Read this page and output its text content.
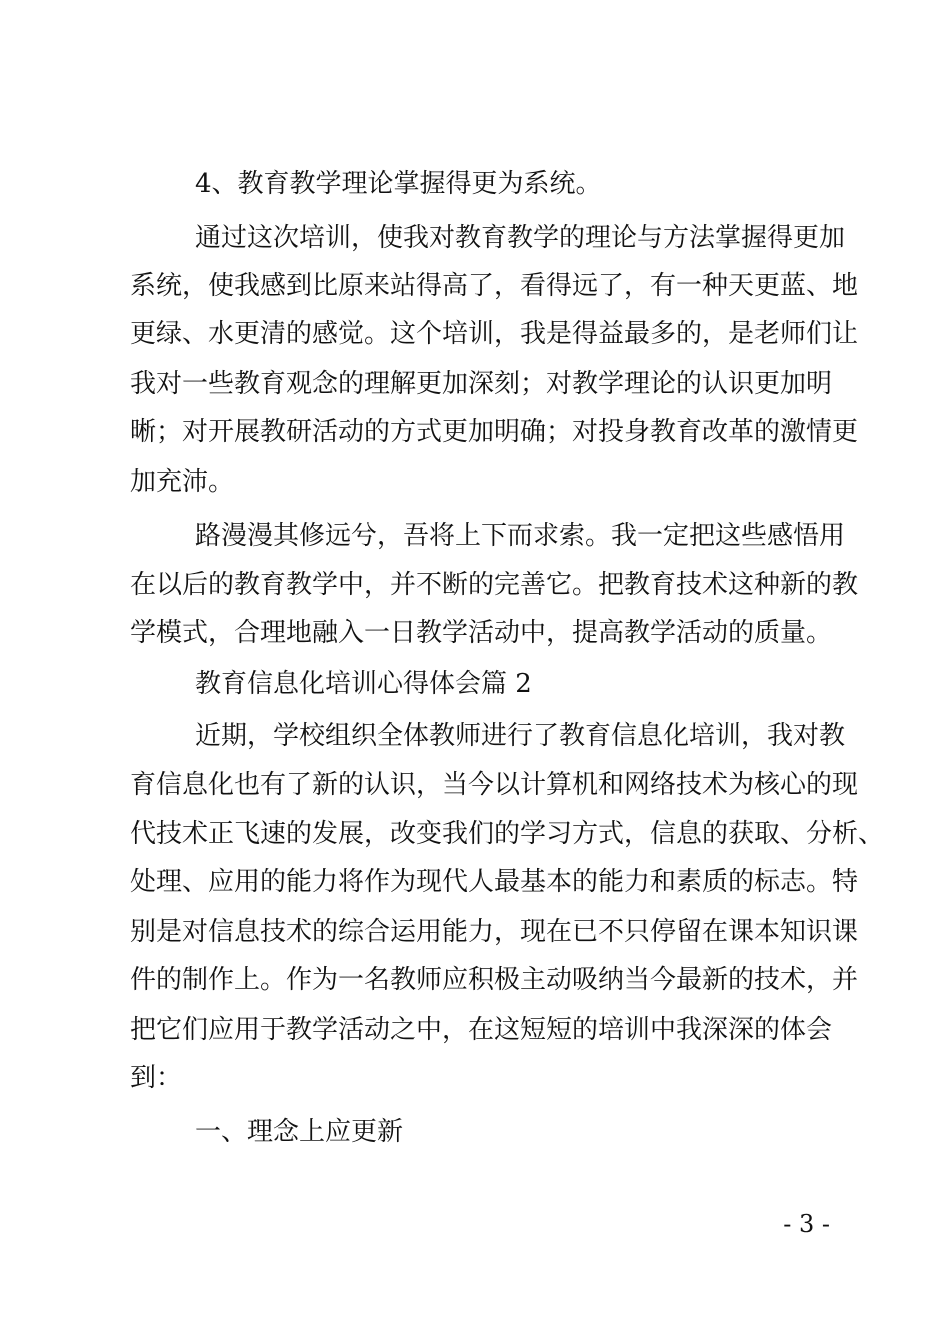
4、教育教学理论掌握得更为系统。
通过这次培训，使我对教育教学的理论与方法掌握得更加
系统，使我感到比原来站得高了，看得远了，有一种天更蓝、地
更绿、水更清的感觉。这个培训，我是得益最多的，是老师们让
我对一些教育观念的理解更加深刻；对教学理论的认识更加明
晰；对开展教研活动的方式更加明确；对投身教育改革的激情更
加充沛。
路漫漫其修远兮，吾将上下而求索。我一定把这些感悟用
在以后的教育教学中，并不断的完善它。把教育技术这种新的教
学模式，合理地融入一日教学活动中，提高教学活动的质量。
教育信息化培训心得体会篇 2
近期，学校组织全体教师进行了教育信息化培训，我对教
育信息化也有了新的认识，当今以计算机和网络技术为核心的现
代技术正飞速的发展，改变我们的学习方式，信息的获取、分析、
处理、应用的能力将作为现代人最基本的能力和素质的标志。特
别是对信息技术的综合运用能力，现在已不只停留在课本知识课
件的制作上。作为一名教师应积极主动吸纳当今最新的技术，并
把它们应用于教学活动之中，在这短短的培训中我深深的体会
到：
一、理念上应更新
- 3 -
